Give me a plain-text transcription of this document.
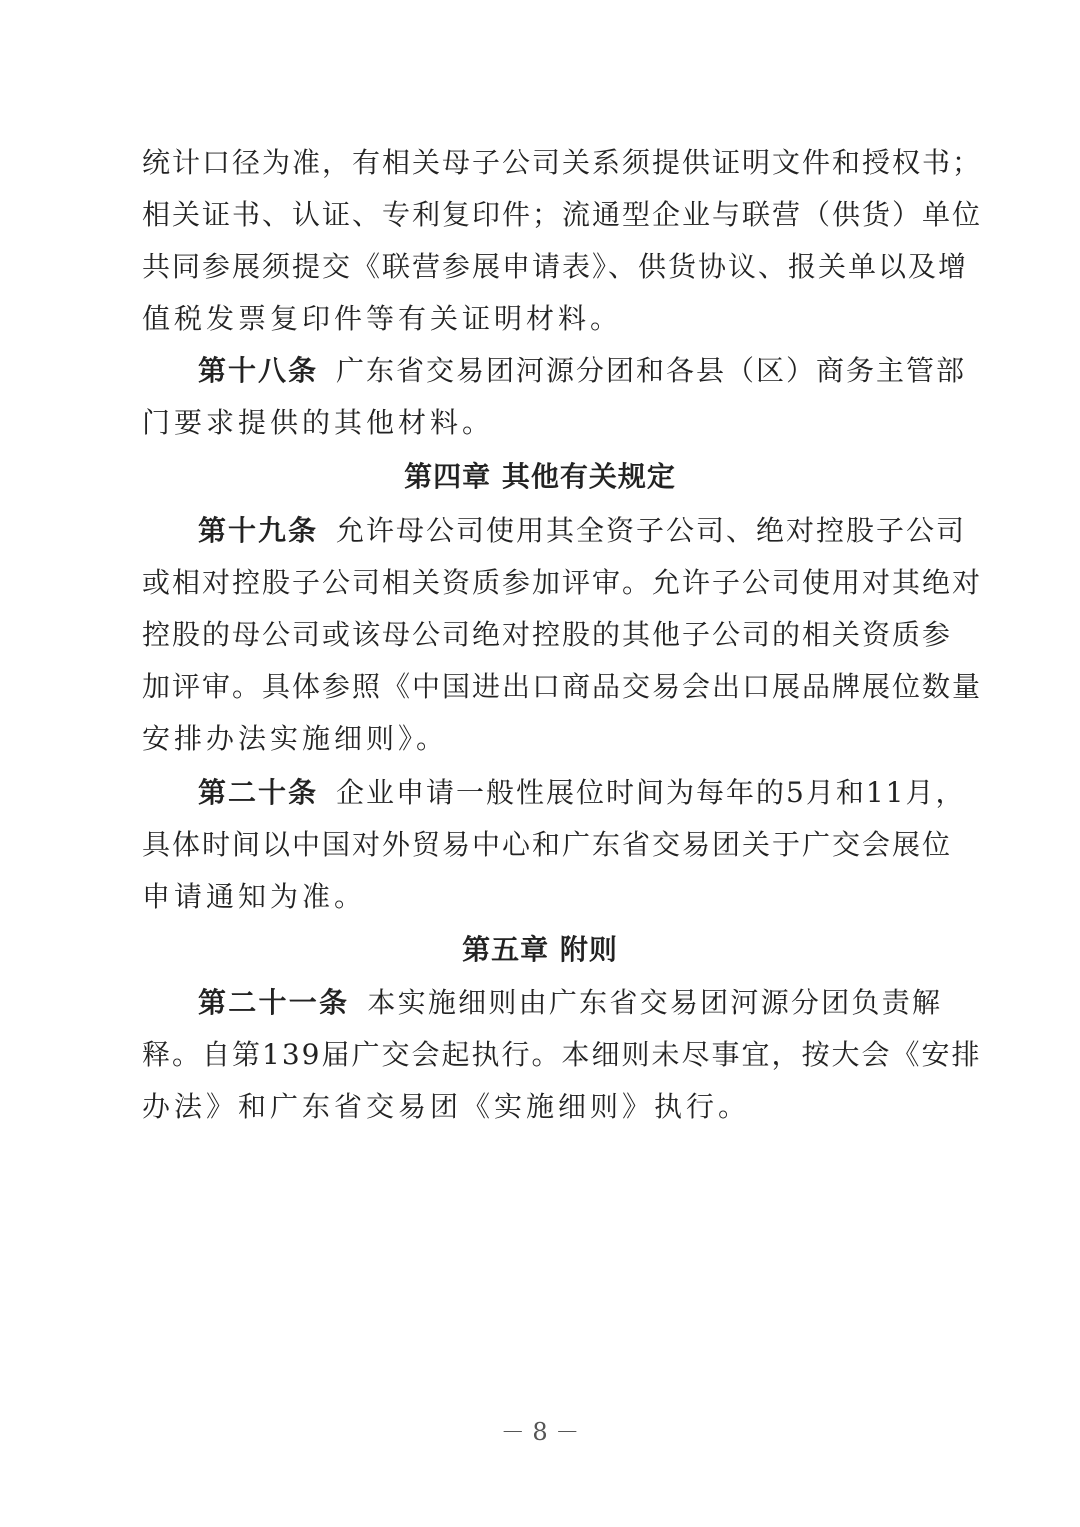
统计口径为准，有相关母子公司关系须提供证明文件和授权书；
相关证书、认证、专利复印件；流通型企业与联营（供货）单位
共同参展须提交《联营参展申请表》、供货协议、报关单以及增
值税发票复印件等有关证明材料。
第十八条 广东省交易团河源分团和各县（区）商务主管部
门要求提供的其他材料。
第四章 其他有关规定
第十九条 允许母公司使用其全资子公司、绝对控股子公司
或相对控股子公司相关资质参加评审。允许子公司使用对其绝对
控股的母公司或该母公司绝对控股的其他子公司的相关资质参
加评审。具体参照《中国进出口商品交易会出口展品牌展位数量
安排办法实施细则》。
第二十条 企业申请一般性展位时间为每年的5月和11月，
具体时间以中国对外贸易中心和广东省交易团关于广交会展位
申请通知为准。
第五章 附则
第二十一条 本实施细则由广东省交易团河源分团负责解
释。自第139届广交会起执行。本细则未尽事宜，按大会《安排
办法》和广东省交易团《实施细则》执行。
－ 8 －
